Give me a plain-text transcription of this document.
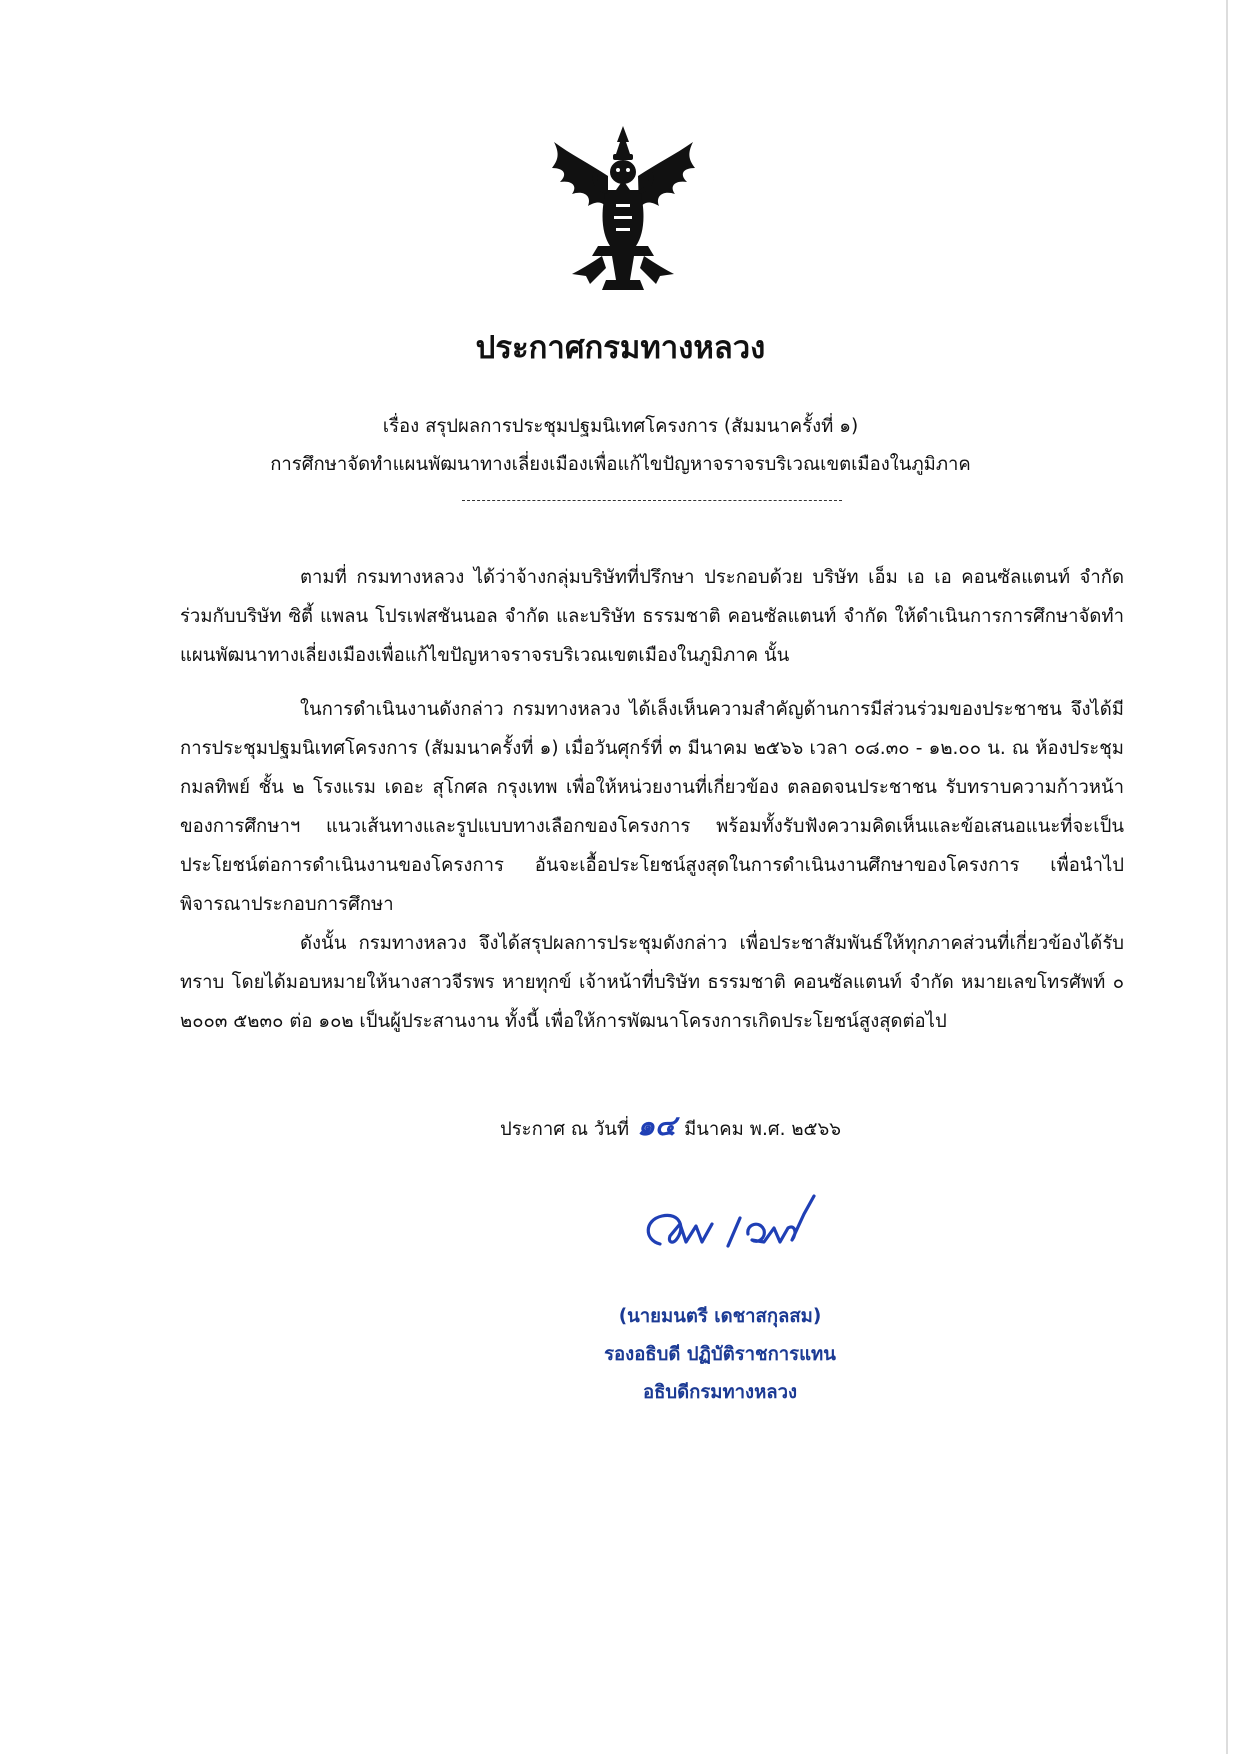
ประกาศกรมทางหลวง
เรื่อง สรุปผลการประชุมปฐมนิเทศโครงการ (สัมมนาครั้งที่ ๑)
การศึกษาจัดทำแผนพัฒนาทางเลี่ยงเมืองเพื่อแก้ไขปัญหาจราจรบริเวณเขตเมืองในภูมิภาค

ตามที่ กรมทางหลวง ได้ว่าจ้างกลุ่มบริษัทที่ปรึกษา ประกอบด้วย บริษัท เอ็ม เอ เอ คอนซัลแตนท์ จำกัด ร่วมกับบริษัท ซิตี้ แพลน โปรเฟสชันนอล จำกัด และบริษัท ธรรมชาติ คอนซัลแตนท์ จำกัด ให้ดำเนินการการศึกษาจัดทำแผนพัฒนาทางเลี่ยงเมืองเพื่อแก้ไขปัญหาจราจรบริเวณเขตเมืองในภูมิภาค นั้น

ในการดำเนินงานดังกล่าว กรมทางหลวง ได้เล็งเห็นความสำคัญด้านการมีส่วนร่วมของประชาชน จึงได้มีการประชุมปฐมนิเทศโครงการ (สัมมนาครั้งที่ ๑) เมื่อวันศุกร์ที่ ๓ มีนาคม ๒๕๖๖ เวลา ๐๘.๓๐ - ๑๒.๐๐ น. ณ ห้องประชุมกมลทิพย์ ชั้น ๒ โรงแรม เดอะ สุโกศล กรุงเทพ เพื่อให้หน่วยงานที่เกี่ยวข้อง ตลอดจนประชาชน รับทราบความก้าวหน้าของการศึกษาฯ แนวเส้นทางและรูปแบบทางเลือกของโครงการ พร้อมทั้งรับฟังความคิดเห็นและข้อเสนอแนะที่จะเป็นประโยชน์ต่อการดำเนินงานของโครงการ อันจะเอื้อประโยชน์สูงสุดในการดำเนินงานศึกษาของโครงการ เพื่อนำไปพิจารณาประกอบการศึกษา

ดังนั้น กรมทางหลวง จึงได้สรุปผลการประชุมดังกล่าว เพื่อประชาสัมพันธ์ให้ทุกภาคส่วนที่เกี่ยวข้องได้รับทราบ โดยได้มอบหมายให้นางสาวจีรพร หายทุกข์ เจ้าหน้าที่บริษัท ธรรมชาติ คอนซัลแตนท์ จำกัด หมายเลขโทรศัพท์ ๐ ๒๐๐๓ ๕๒๓๐ ต่อ ๑๐๒ เป็นผู้ประสานงาน ทั้งนี้ เพื่อให้การพัฒนาโครงการเกิดประโยชน์สูงสุดต่อไป

ประกาศ ณ วันที่ ๑๔ มีนาคม พ.ศ. ๒๕๖๖
(นายมนตรี เดชาสกุลสม)
รองอธิบดี ปฏิบัติราชการแทน
อธิบดีกรมทางหลวง
